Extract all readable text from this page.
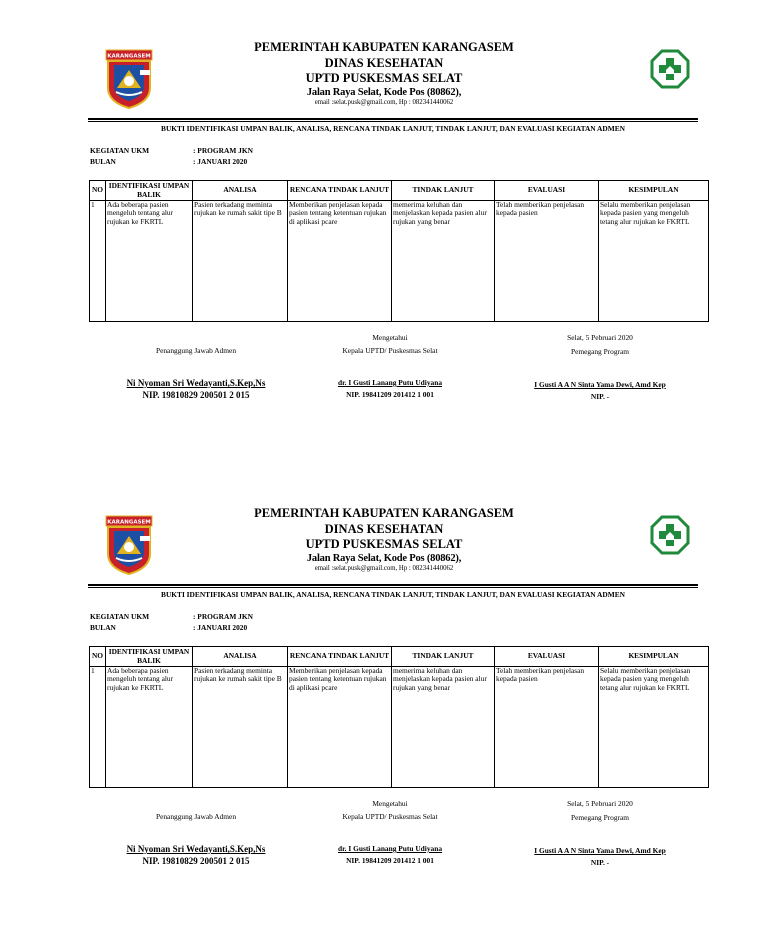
KARANGASEM
PEMERINTAH KABUPATEN KARANGASEM
DINAS KESEHATAN
UPTD PUSKESMAS SELAT
Jalan Raya Selat, Kode Pos (80862),
email :selat.pusk@gmail.com, Hp : 082341440062
BUKTI IDENTIFIKASI UMPAN BALIK, ANALISA, RENCANA TINDAK LANJUT, TINDAK LANJUT, DAN EVALUASI KEGIATAN ADMEN
KEGIATAN UKM	: PROGRAM JKN
BULAN	: JANUARI 2020
NO	IDENTIFIKASI UMPAN BALIK	ANALISA	RENCANA TINDAK LANJUT	TINDAK LANJUT	EVALUASI	KESIMPULAN
1	Ada beberapa pasien mengeluh tentang alur rujukan ke FKRTL	Pasien terkadang meminta rujukan ke rumah sakit tipe B	Memberikan penjelasan kepada pasien tentang ketentuan rujukan di aplikasi pcare	memerima keluhan dan menjelaskan kepada pasien alur rujukan yang benar	Telah memberikan penjelasan kepada pasien	Selalu memberikan penjelasan kepada pasien yang mengeluh tetang alur rujukan ke FKRTL
Mengetahui	Selat, 5 Pebruari 2020
Penanggung Jawab Admen	Kepala UPTD/ Puskesmas Selat	Pemegang Program
Ni Nyoman Sri Wedayanti,S.Kep,Ns
NIP. 19810829 200501 2 015
dr. I Gusti Lanang Putu Udiyana
NIP. 19841209 201412 1 001
I Gusti A A N Sinta Yama Dewi, Amd Kep
NIP. -
KARANGASEM
PEMERINTAH KABUPATEN KARANGASEM
DINAS KESEHATAN
UPTD PUSKESMAS SELAT
Jalan Raya Selat, Kode Pos (80862),
email :selat.pusk@gmail.com, Hp : 082341440062
BUKTI IDENTIFIKASI UMPAN BALIK, ANALISA, RENCANA TINDAK LANJUT, TINDAK LANJUT, DAN EVALUASI KEGIATAN ADMEN
KEGIATAN UKM	: PROGRAM JKN
BULAN	: JANUARI 2020
NO	IDENTIFIKASI UMPAN BALIK	ANALISA	RENCANA TINDAK LANJUT	TINDAK LANJUT	EVALUASI	KESIMPULAN
1	Ada beberapa pasien mengeluh tentang alur rujukan ke FKRTL	Pasien terkadang meminta rujukan ke rumah sakit tipe B	Memberikan penjelasan kepada pasien tentang ketentuan rujukan di aplikasi pcare	memerima keluhan dan menjelaskan kepada pasien alur rujukan yang benar	Telah memberikan penjelasan kepada pasien	Selalu memberikan penjelasan kepada pasien yang mengeluh tetang alur rujukan ke FKRTL
Mengetahui	Selat, 5 Pebruari 2020
Penanggung Jawab Admen	Kepala UPTD/ Puskesmas Selat	Pemegang Program
Ni Nyoman Sri Wedayanti,S.Kep,Ns
NIP. 19810829 200501 2 015
dr. I Gusti Lanang Putu Udiyana
NIP. 19841209 201412 1 001
I Gusti A A N Sinta Yama Dewi, Amd Kep
NIP. -
